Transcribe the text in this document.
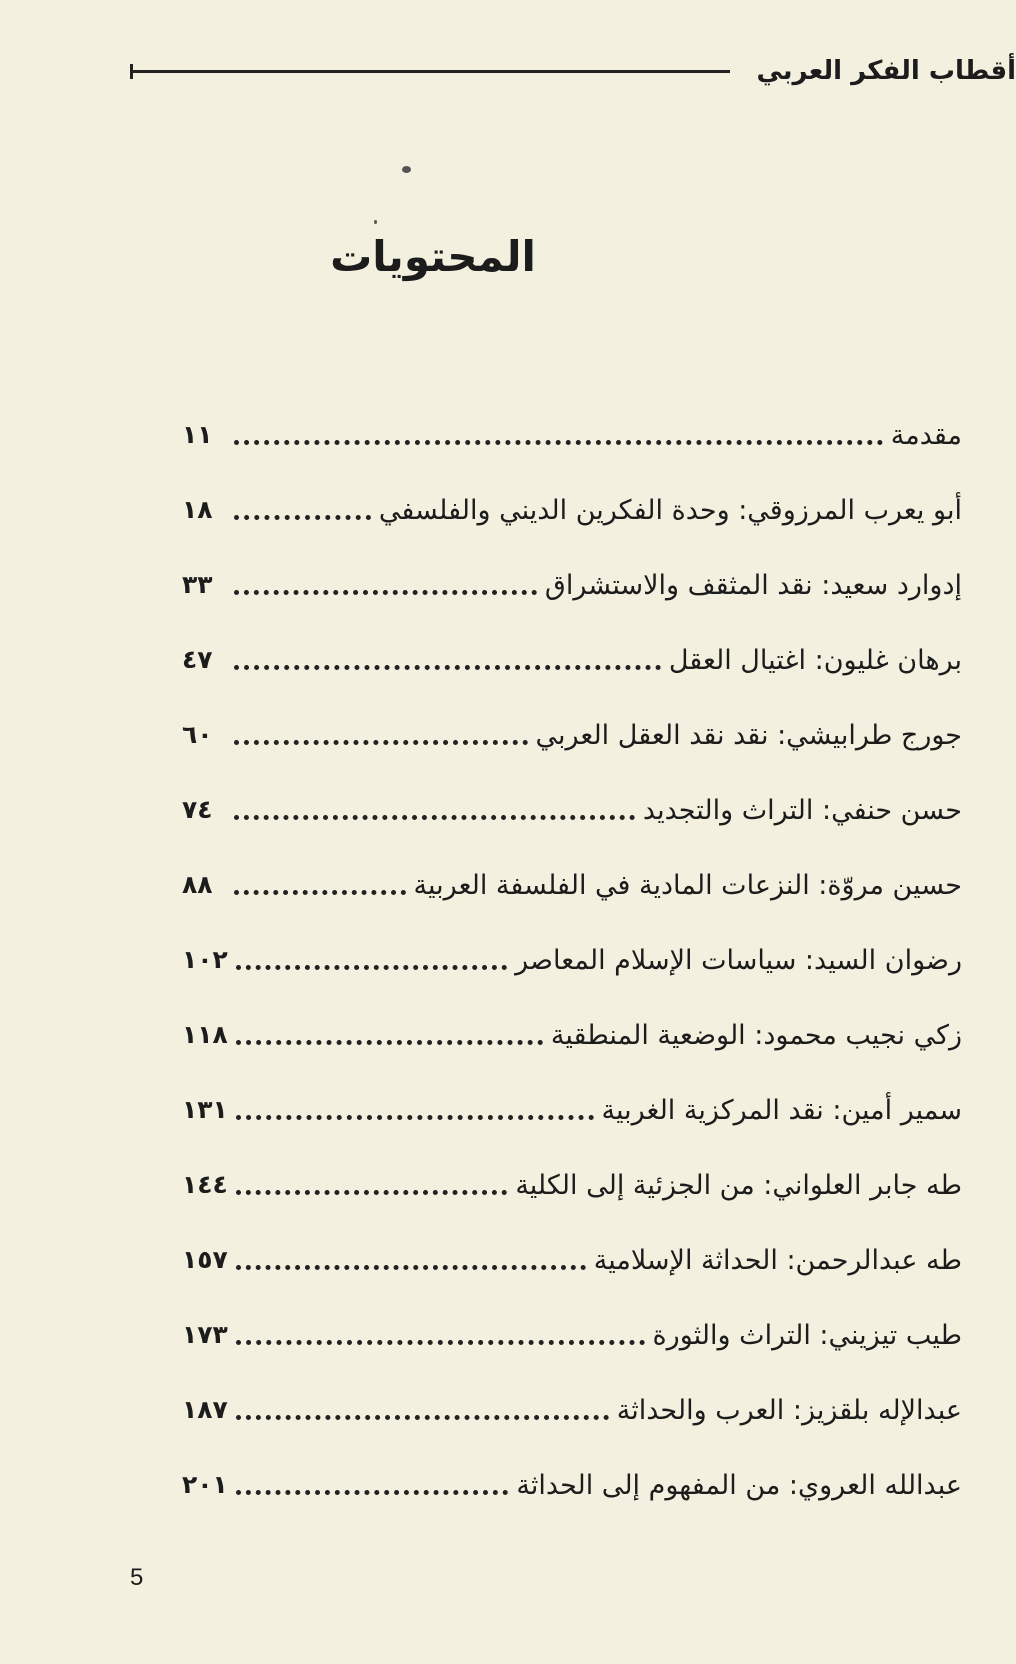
أقطاب الفكر العربي
المحتويات
مقدمة
١١
أبو يعرب المرزوقي: وحدة الفكرين الديني والفلسفي
١٨
إدوارد سعيد: نقد المثقف والاستشراق
٣٣
برهان غليون: اغتيال العقل
٤٧
جورج طرابيشي: نقد نقد العقل العربي
٦٠
حسن حنفي: التراث والتجديد
٧٤
حسين مروّة: النزعات المادية في الفلسفة العربية
٨٨
رضوان السيد: سياسات الإسلام المعاصر
١٠٢
زكي نجيب محمود: الوضعية المنطقية
١١٨
سمير أمين: نقد المركزية الغربية
١٣١
طه جابر العلواني: من الجزئية إلى الكلية
١٤٤
طه عبدالرحمن: الحداثة الإسلامية
١٥٧
طيب تيزيني: التراث والثورة
١٧٣
عبدالإله بلقزيز: العرب والحداثة
١٨٧
عبدالله العروي: من المفهوم إلى الحداثة
٢٠١
5
